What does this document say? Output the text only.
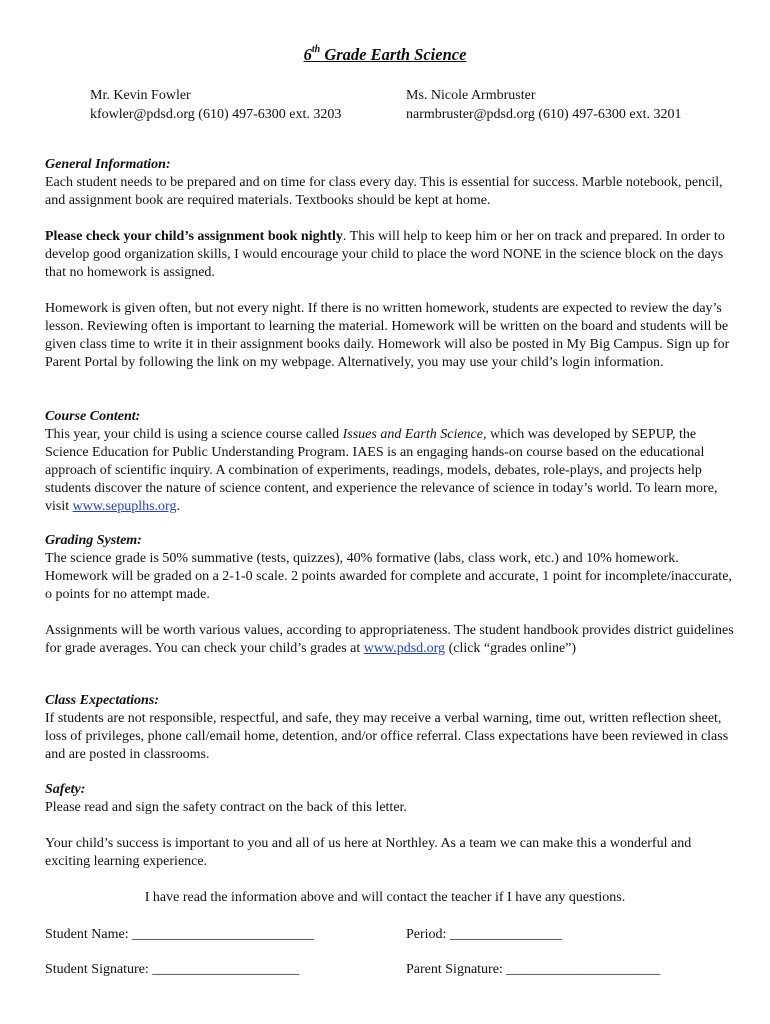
6th Grade Earth Science
Mr. Kevin Fowler
kfowler@pdsd.org (610) 497-6300 ext. 3203
Ms. Nicole Armbruster
narmbruster@pdsd.org (610) 497-6300 ext. 3201
General Information:
Each student needs to be prepared and on time for class every day. This is essential for success. Marble notebook, pencil, and assignment book are required materials. Textbooks should be kept at home.
Please check your child’s assignment book nightly. This will help to keep him or her on track and prepared. In order to develop good organization skills, I would encourage your child to place the word NONE in the science block on the days that no homework is assigned.
Homework is given often, but not every night. If there is no written homework, students are expected to review the day’s lesson. Reviewing often is important to learning the material. Homework will be written on the board and students will be given class time to write it in their assignment books daily. Homework will also be posted in My Big Campus. Sign up for Parent Portal by following the link on my webpage. Alternatively, you may use your child’s login information.
Course Content:
This year, your child is using a science course called Issues and Earth Science, which was developed by SEPUP, the Science Education for Public Understanding Program. IAES is an engaging hands-on course based on the educational approach of scientific inquiry. A combination of experiments, readings, models, debates, role-plays, and projects help students discover the nature of science content, and experience the relevance of science in today’s world. To learn more, visit www.sepuplhs.org.
Grading System:
The science grade is 50% summative (tests, quizzes), 40% formative (labs, class work, etc.) and 10% homework. Homework will be graded on a 2-1-0 scale. 2 points awarded for complete and accurate, 1 point for incomplete/inaccurate, o points for no attempt made.
Assignments will be worth various values, according to appropriateness. The student handbook provides district guidelines for grade averages. You can check your child’s grades at www.pdsd.org (click “grades online”)
Class Expectations:
If students are not responsible, respectful, and safe, they may receive a verbal warning, time out, written reflection sheet, loss of privileges, phone call/email home, detention, and/or office referral. Class expectations have been reviewed in class and are posted in classrooms.
Safety:
Please read and sign the safety contract on the back of this letter.
Your child’s success is important to you and all of us here at Northley. As a team we can make this a wonderful and exciting learning experience.
I have read the information above and will contact the teacher if I have any questions.
Student Name: __________________________	Period: ________________
Student Signature: _____________________	Parent Signature: ______________________
